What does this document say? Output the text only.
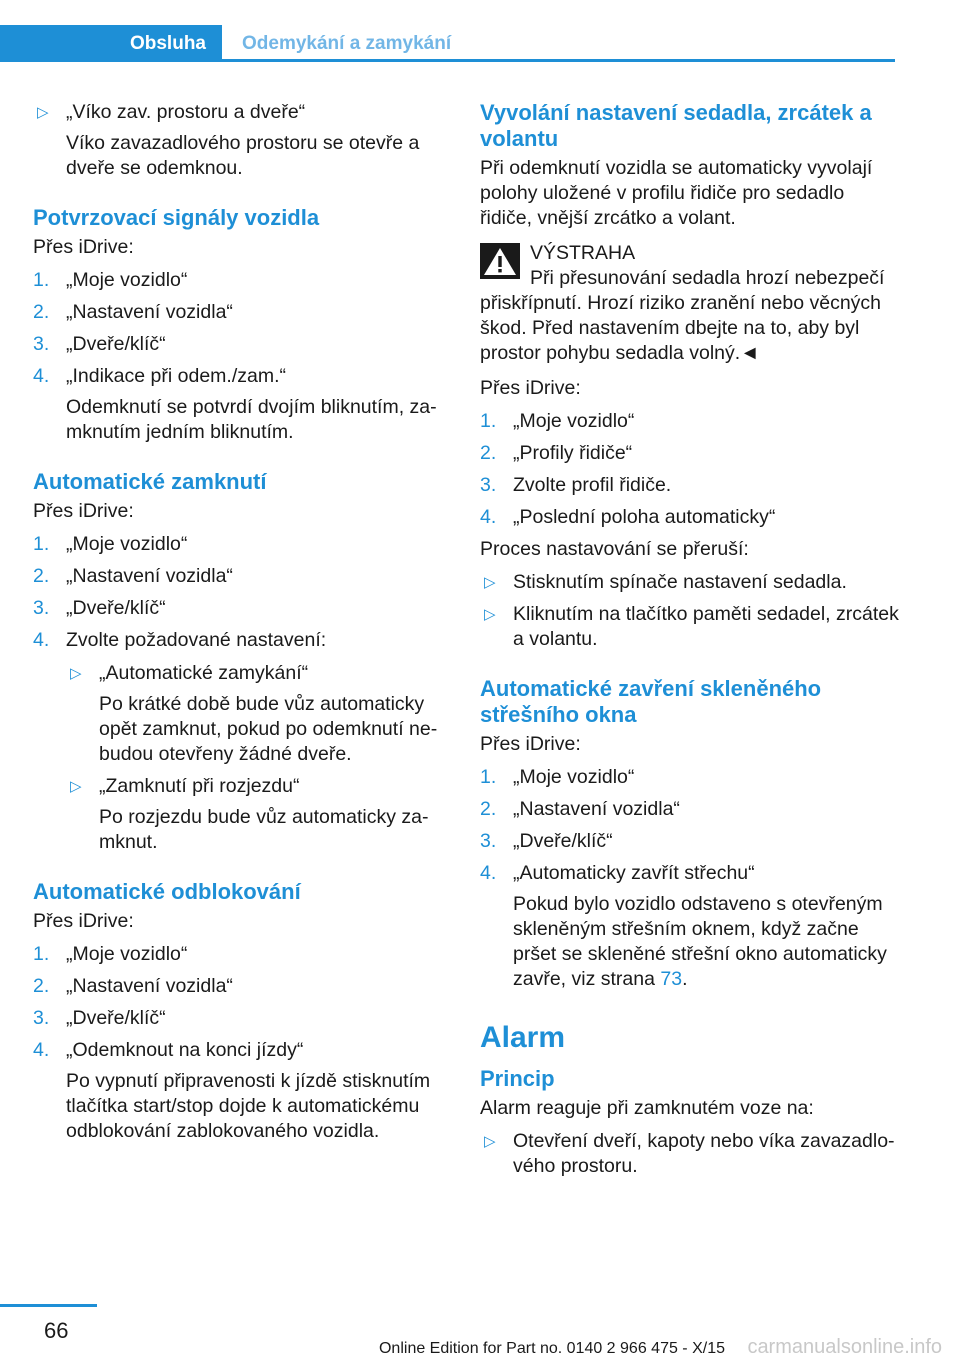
Obsluha Odemykání a zamykání
▷ „Víko zav. prostoru a dveře“
Víko zavazadlového prostoru se otevře a dveře se odemknou.
Potvrzovací signály vozidla

Přes iDrive:

1. „Moje vozidlo“
2. „Nastavení vozidla“
3. „Dveře/klíč“
4. „Indikace při odem./zam.“
Odemknutí se potvrdí dvojím bliknutím, zamknutím jedním bliknutím.
Automatické zamknutí

Přes iDrive:

1. „Moje vozidlo“
2. „Nastavení vozidla“
3. „Dveře/klíč“
4. Zvolte požadované nastavení:
▷ „Automatické zamykání“
Po krátké době bude vůz automaticky opět zamknut, pokud po odemknutí nebudou otevřeny žádné dveře.
▷ „Zamknutí při rozjezdu“
Po rozjezdu bude vůz automaticky zamknut.
Automatické odblokování

Přes iDrive:

1. „Moje vozidlo“
2. „Nastavení vozidla“
3. „Dveře/klíč“
4. „Odemknout na konci jízdy“
Po vypnutí připravenosti k jízdě stisknutím tlačítka start/stop dojde k automatickému odblokování zablokovaného vozidla.
Vyvolání nastavení sedadla, zrcátek a volantu

Při odemknutí vozidla se automaticky vyvolají polohy uložené v profilu řidiče pro sedadlo řidiče, vnější zrcátko a volant.

VÝSTRAHA
Při přesunování sedadla hrozí nebezpečí přiskřípnutí. Hrozí riziko zranění nebo věcných škod. Před nastavením dbejte na to, aby byl prostor pohybu sedadla volný.◄

Přes iDrive:

1. „Moje vozidlo“
2. „Profily řidiče“
3. Zvolte profil řidiče.
4. „Poslední poloha automaticky“

Proces nastavování se přeruší:

▷ Stisknutím spínače nastavení sedadla.
▷ Kliknutím na tlačítko paměti sedadel, zrcátek a volantu.
Automatické zavření skleněného střešního okna

Přes iDrive:

1. „Moje vozidlo“
2. „Nastavení vozidla“
3. „Dveře/klíč“
4. „Automaticky zavřít střechu“
Pokud bylo vozidlo odstaveno s otevřeným skleněným střešním oknem, když začne pršet se skleněné střešní okno automaticky zavře, viz strana 73.
Alarm
Princip

Alarm reaguje při zamknutém voze na:

▷ Otevření dveří, kapoty nebo víka zavazadlového prostoru.
66
Online Edition for Part no. 0140 2 966 475 - X/15 carmanualsonline.info
